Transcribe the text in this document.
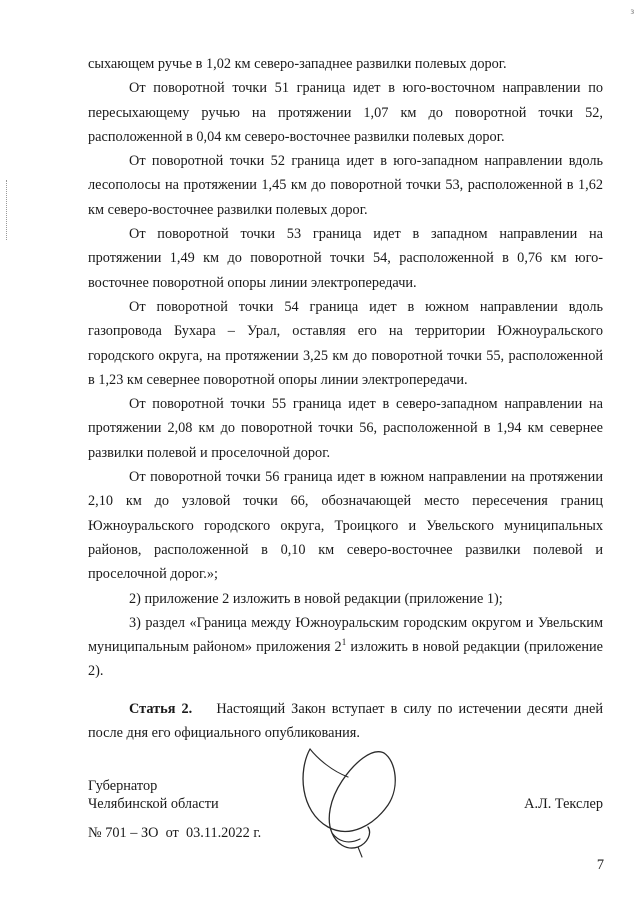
з

сыхающем ручье в 1,02 км северо-западнее развилки полевых дорог.

От поворотной точки 51 граница идет в юго-восточном направлении по пересыхающему ручью на протяжении 1,07 км до поворотной точки 52, расположенной в 0,04 км северо-восточнее развилки полевых дорог.

От поворотной точки 52 граница идет в юго-западном направлении вдоль лесополосы на протяжении 1,45 км до поворотной точки 53, расположенной в 1,62 км северо-восточнее развилки полевых дорог.

От поворотной точки 53 граница идет в западном направлении на протяжении 1,49 км до поворотной точки 54, расположенной в 0,76 км юго-восточнее поворотной опоры линии электропередачи.

От поворотной точки 54 граница идет в южном направлении вдоль газопровода Бухара – Урал, оставляя его на территории Южноуральского городского округа, на протяжении 3,25 км до поворотной точки 55, расположенной в 1,23 км севернее поворотной опоры линии электропередачи.

От поворотной точки 55 граница идет в северо-западном направлении на протяжении 2,08 км до поворотной точки 56, расположенной в 1,94 км севернее развилки полевой и проселочной дорог.

От поворотной точки 56 граница идет в южном направлении на протяжении 2,10 км до узловой точки 66, обозначающей место пересечения границ Южноуральского городского округа, Троицкого и Увельского муниципальных районов, расположенной в 0,10 км северо-восточнее развилки полевой и проселочной дорог.»;

2) приложение 2 изложить в новой редакции (приложение 1);

3) раздел «Граница между Южноуральским городским округом и Увельским муниципальным районом» приложения $2^1$ изложить в новой редакции (приложение 2).

Статья 2. Настоящий Закон вступает в силу по истечении десяти дней после дня его официального опубликования.

Губернатор
Челябинской области	А.Л. Текслер
№ 701 – ЗО  от  03.11.2022 г.
7
